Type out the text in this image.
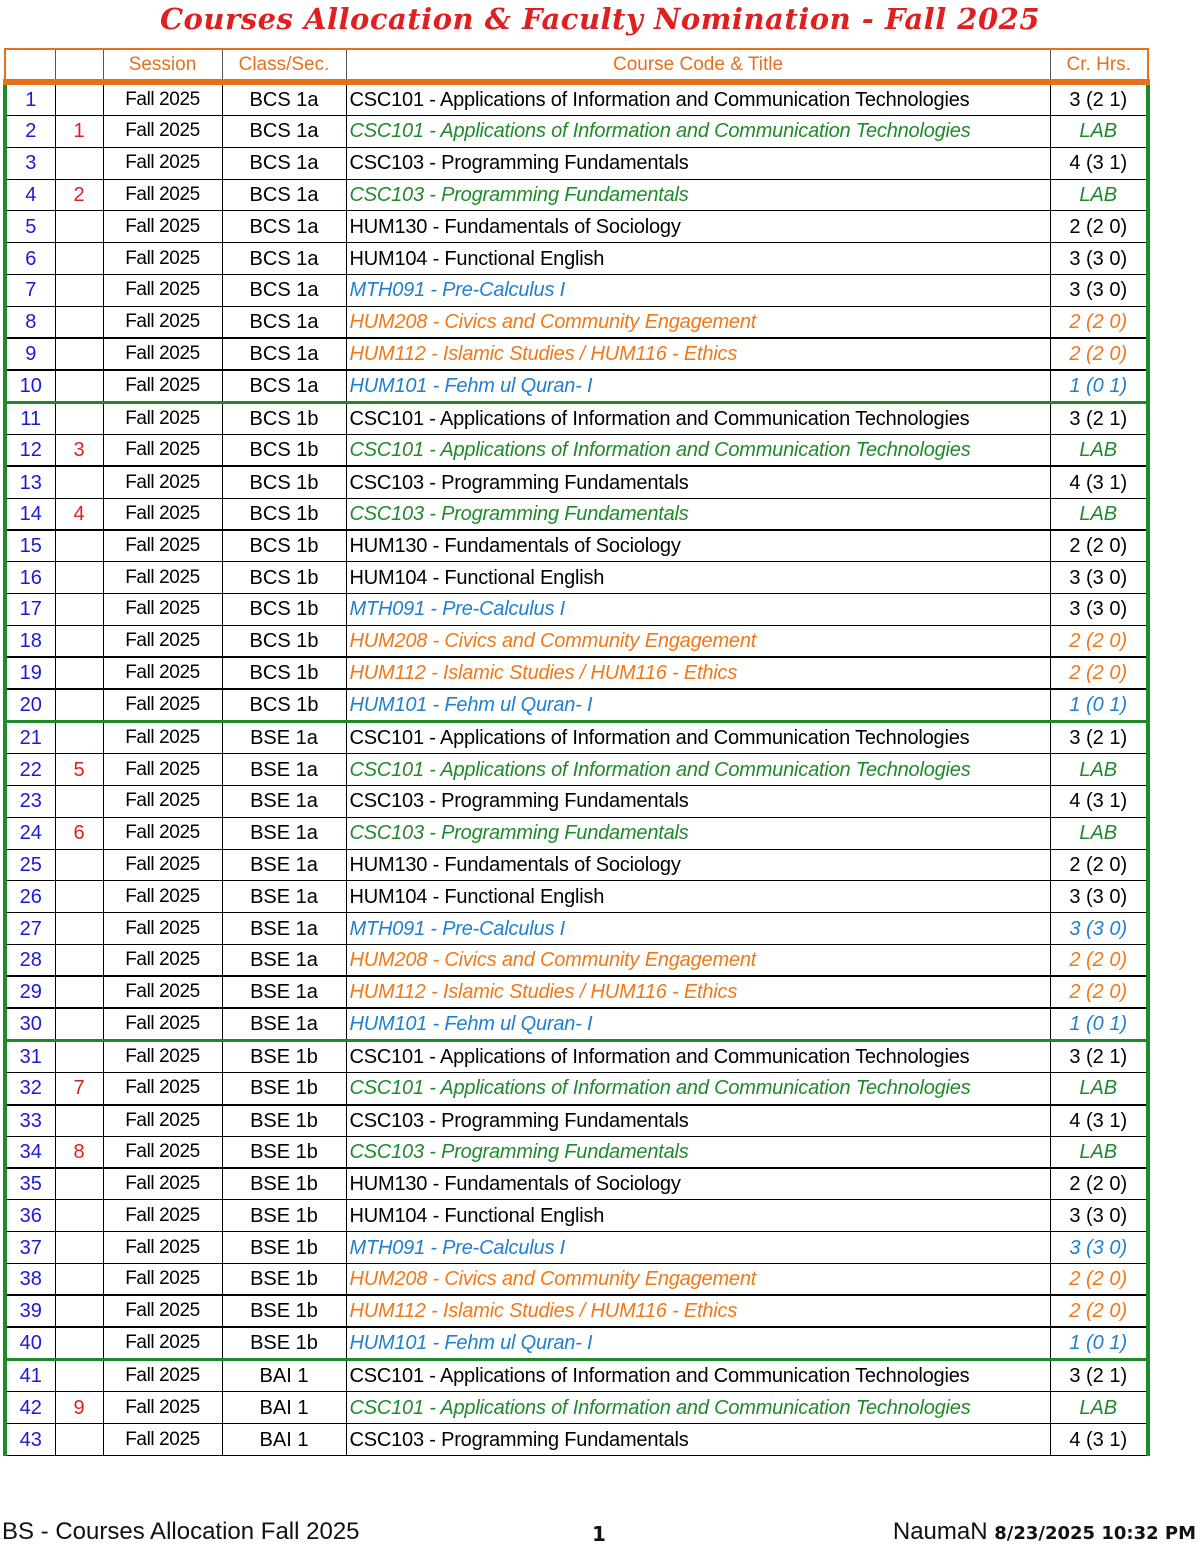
Courses Allocation & Faculty Nomination - Fall 2025
		Session	Class/Sec.	Course Code & Title	Cr. Hrs.
1		Fall 2025	BCS 1a	CSC101 - Applications of Information and Communication Technologies	3 (2 1)
2	1	Fall 2025	BCS 1a	CSC101 - Applications of Information and Communication Technologies	LAB
3		Fall 2025	BCS 1a	CSC103 - Programming Fundamentals	4 (3 1)
4	2	Fall 2025	BCS 1a	CSC103 - Programming Fundamentals	LAB
5		Fall 2025	BCS 1a	HUM130 - Fundamentals of Sociology	2 (2 0)
6		Fall 2025	BCS 1a	HUM104 - Functional English	3 (3 0)
7		Fall 2025	BCS 1a	MTH091 - Pre-Calculus I	3 (3 0)
8		Fall 2025	BCS 1a	HUM208 - Civics and Community Engagement	2 (2 0)
9		Fall 2025	BCS 1a	HUM112 - Islamic Studies / HUM116 - Ethics	2 (2 0)
10		Fall 2025	BCS 1a	HUM101 - Fehm ul Quran- I	1 (0 1)
11		Fall 2025	BCS 1b	CSC101 - Applications of Information and Communication Technologies	3 (2 1)
12	3	Fall 2025	BCS 1b	CSC101 - Applications of Information and Communication Technologies	LAB
13		Fall 2025	BCS 1b	CSC103 - Programming Fundamentals	4 (3 1)
14	4	Fall 2025	BCS 1b	CSC103 - Programming Fundamentals	LAB
15		Fall 2025	BCS 1b	HUM130 - Fundamentals of Sociology	2 (2 0)
16		Fall 2025	BCS 1b	HUM104 - Functional English	3 (3 0)
17		Fall 2025	BCS 1b	MTH091 - Pre-Calculus I	3 (3 0)
18		Fall 2025	BCS 1b	HUM208 - Civics and Community Engagement	2 (2 0)
19		Fall 2025	BCS 1b	HUM112 - Islamic Studies / HUM116 - Ethics	2 (2 0)
20		Fall 2025	BCS 1b	HUM101 - Fehm ul Quran- I	1 (0 1)
21		Fall 2025	BSE 1a	CSC101 - Applications of Information and Communication Technologies	3 (2 1)
22	5	Fall 2025	BSE 1a	CSC101 - Applications of Information and Communication Technologies	LAB
23		Fall 2025	BSE 1a	CSC103 - Programming Fundamentals	4 (3 1)
24	6	Fall 2025	BSE 1a	CSC103 - Programming Fundamentals	LAB
25		Fall 2025	BSE 1a	HUM130 - Fundamentals of Sociology	2 (2 0)
26		Fall 2025	BSE 1a	HUM104 - Functional English	3 (3 0)
27		Fall 2025	BSE 1a	MTH091 - Pre-Calculus I	3 (3 0)
28		Fall 2025	BSE 1a	HUM208 - Civics and Community Engagement	2 (2 0)
29		Fall 2025	BSE 1a	HUM112 - Islamic Studies / HUM116 - Ethics	2 (2 0)
30		Fall 2025	BSE 1a	HUM101 - Fehm ul Quran- I	1 (0 1)
31		Fall 2025	BSE 1b	CSC101 - Applications of Information and Communication Technologies	3 (2 1)
32	7	Fall 2025	BSE 1b	CSC101 - Applications of Information and Communication Technologies	LAB
33		Fall 2025	BSE 1b	CSC103 - Programming Fundamentals	4 (3 1)
34	8	Fall 2025	BSE 1b	CSC103 - Programming Fundamentals	LAB
35		Fall 2025	BSE 1b	HUM130 - Fundamentals of Sociology	2 (2 0)
36		Fall 2025	BSE 1b	HUM104 - Functional English	3 (3 0)
37		Fall 2025	BSE 1b	MTH091 - Pre-Calculus I	3 (3 0)
38		Fall 2025	BSE 1b	HUM208 - Civics and Community Engagement	2 (2 0)
39		Fall 2025	BSE 1b	HUM112 - Islamic Studies / HUM116 - Ethics	2 (2 0)
40		Fall 2025	BSE 1b	HUM101 - Fehm ul Quran- I	1 (0 1)
41		Fall 2025	BAI 1	CSC101 - Applications of Information and Communication Technologies	3 (2 1)
42	9	Fall 2025	BAI 1	CSC101 - Applications of Information and Communication Technologies	LAB
43		Fall 2025	BAI 1	CSC103 - Programming Fundamentals	4 (3 1)
BS - Courses Allocation Fall 2025	1	NaumaN 8/23/2025 10:32 PM
